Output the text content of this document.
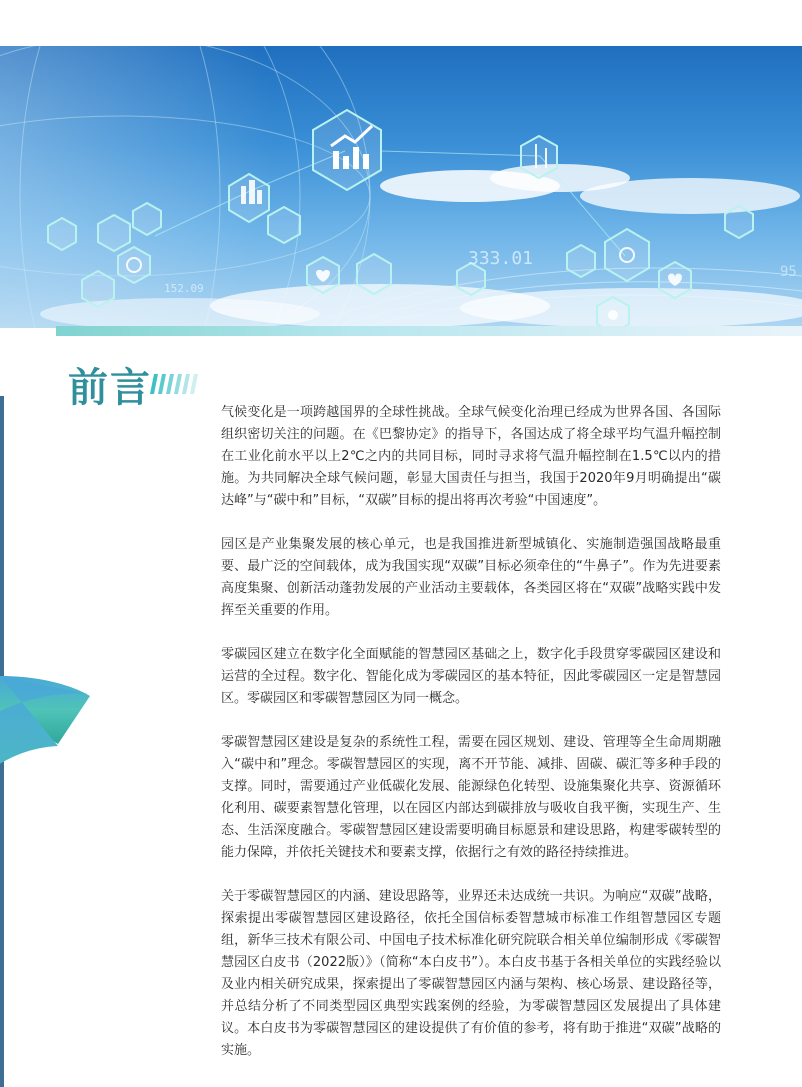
333.01
152.09
95
前言

气候变化是一项跨越国界的全球性挑战。全球气候变化治理已经成为世界各国、各国际组织密切关注的问题。在《巴黎协定》的指导下，各国达成了将全球平均气温升幅控制在工业化前水平以上2℃之内的共同目标，同时寻求将气温升幅控制在1.5℃以内的措施。为共同解决全球气候问题，彰显大国责任与担当，我国于2020年9月明确提出“碳达峰”与“碳中和”目标，“双碳”目标的提出将再次考验“中国速度”。

园区是产业集聚发展的核心单元，也是我国推进新型城镇化、实施制造强国战略最重要、最广泛的空间载体，成为我国实现“双碳”目标必须牵住的“牛鼻子”。作为先进要素高度集聚、创新活动蓬勃发展的产业活动主要载体，各类园区将在“双碳”战略实践中发挥至关重要的作用。

零碳园区建立在数字化全面赋能的智慧园区基础之上，数字化手段贯穿零碳园区建设和运营的全过程。数字化、智能化成为零碳园区的基本特征，因此零碳园区一定是智慧园区。零碳园区和零碳智慧园区为同一概念。

零碳智慧园区建设是复杂的系统性工程，需要在园区规划、建设、管理等全生命周期融入“碳中和”理念。零碳智慧园区的实现，离不开节能、减排、固碳、碳汇等多种手段的支撑。同时，需要通过产业低碳化发展、能源绿色化转型、设施集聚化共享、资源循环化利用、碳要素智慧化管理，以在园区内部达到碳排放与吸收自我平衡，实现生产、生态、生活深度融合。零碳智慧园区建设需要明确目标愿景和建设思路，构建零碳转型的能力保障，并依托关键技术和要素支撑，依据行之有效的路径持续推进。

关于零碳智慧园区的内涵、建设思路等，业界还未达成统一共识。为响应“双碳”战略，探索提出零碳智慧园区建设路径，依托全国信标委智慧城市标准工作组智慧园区专题组，新华三技术有限公司、中国电子技术标准化研究院联合相关单位编制形成《零碳智慧园区白皮书（2022版）》（简称“本白皮书”）。本白皮书基于各相关单位的实践经验以及业内相关研究成果，探索提出了零碳智慧园区内涵与架构、核心场景、建设路径等，并总结分析了不同类型园区典型实践案例的经验，为零碳智慧园区发展提出了具体建议。本白皮书为零碳智慧园区的建设提供了有价值的参考，将有助于推进“双碳”战略的实施。
